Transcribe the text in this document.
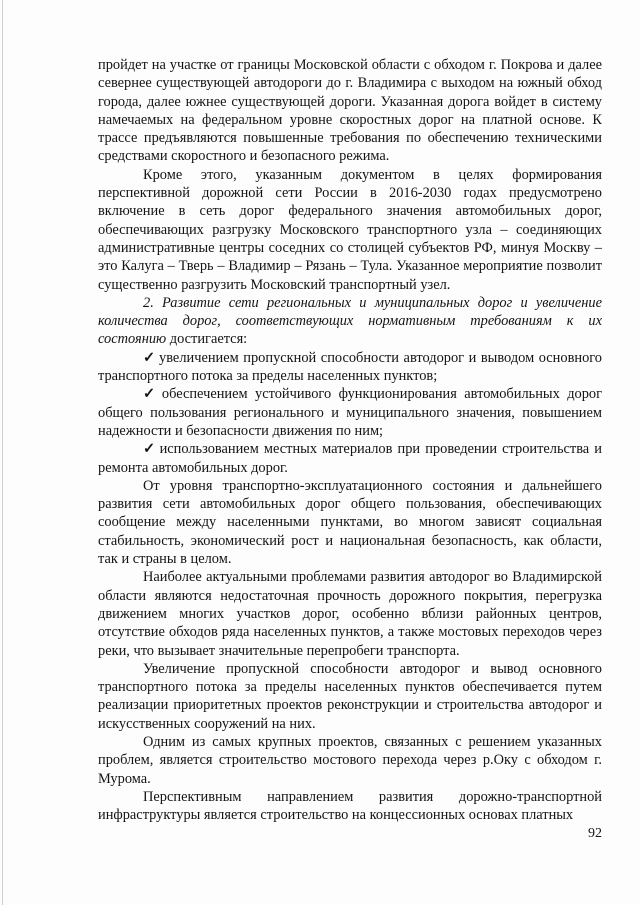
пройдет на участке от границы Московской области с обходом г. Покрова и далее севернее существующей автодороги до г. Владимира с выходом на южный обход города, далее южнее существующей дороги. Указанная дорога войдет в систему намечаемых на федеральном уровне скоростных дорог на платной основе. К трассе предъявляются повышенные требования по обеспечению техническими средствами скоростного и безопасного режима.

Кроме этого, указанным документом в целях формирования перспективной дорожной сети России в 2016-2030 годах предусмотрено включение в сеть дорог федерального значения автомобильных дорог, обеспечивающих разгрузку Московского транспортного узла – соединяющих административные центры соседних со столицей субъектов РФ, минуя Москву – это Калуга – Тверь – Владимир – Рязань – Тула. Указанное мероприятие позволит существенно разгрузить Московский транспортный узел.

2. Развитие сети региональных и муниципальных дорог и увеличение количества дорог, соответствующих нормативным требованиям к их состоянию достигается:

✓ увеличением пропускной способности автодорог и выводом основного транспортного потока за пределы населенных пунктов;

✓ обеспечением устойчивого функционирования автомобильных дорог общего пользования регионального и муниципального значения, повышением надежности и безопасности движения по ним;

✓ использованием местных материалов при проведении строительства и ремонта автомобильных дорог.

От уровня транспортно-эксплуатационного состояния и дальнейшего развития сети автомобильных дорог общего пользования, обеспечивающих сообщение между населенными пунктами, во многом зависят социальная стабильность, экономический рост и национальная безопасность, как области, так и страны в целом.

Наиболее актуальными проблемами развития автодорог во Владимирской области являются недостаточная прочность дорожного покрытия, перегрузка движением многих участков дорог, особенно вблизи районных центров, отсутствие обходов ряда населенных пунктов, а также мостовых переходов через реки, что вызывает значительные перепробеги транспорта.

Увеличение пропускной способности автодорог и вывод основного транспортного потока за пределы населенных пунктов обеспечивается путем реализации приоритетных проектов реконструкции и строительства автодорог и искусственных сооружений на них.

Одним из самых крупных проектов, связанных с решением указанных проблем, является строительство мостового перехода через р.Оку с обходом г. Мурома.

Перспективным направлением развития дорожно-транспортной инфраструктуры является строительство на концессионных основах платных

92
